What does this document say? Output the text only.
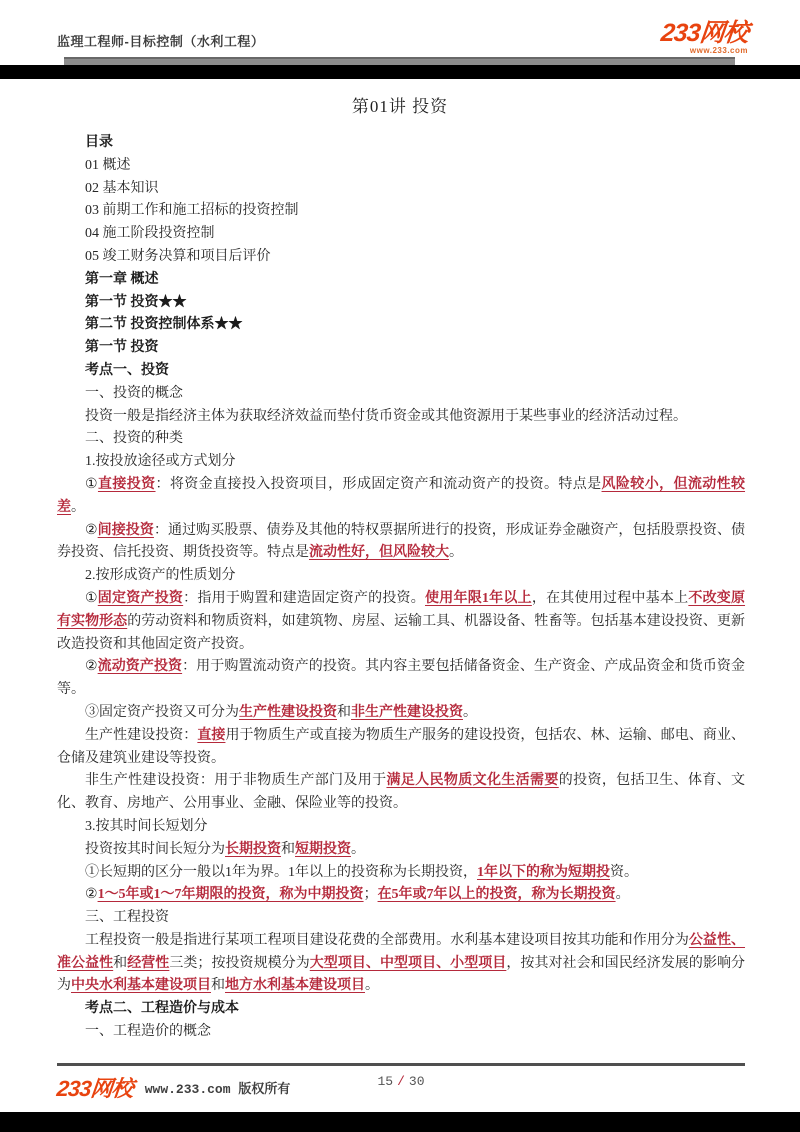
监理工程师-目标控制（水利工程）	233网校
www.233.com
第01讲 投资

目录

01 概述

02 基本知识

03 前期工作和施工招标的投资控制

04 施工阶段投资控制

05 竣工财务决算和项目后评价

第一章 概述

第一节 投资★★

第二节 投资控制体系★★

第一节 投资

考点一、投资

一、投资的概念

投资一般是指经济主体为获取经济效益而垫付货币资金或其他资源用于某些事业的经济活动过程。

二、投资的种类

1.按投放途径或方式划分

①直接投资：将资金直接投入投资项目，形成固定资产和流动资产的投资。特点是风险较小，但流动性较差。

②间接投资：通过购买股票、债券及其他的特权票据所进行的投资，形成证券金融资产，包括股票投资、债券投资、信托投资、期货投资等。特点是流动性好，但风险较大。

2.按形成资产的性质划分

①固定资产投资：指用于购置和建造固定资产的投资。使用年限1年以上，在其使用过程中基本上不改变原有实物形态的劳动资料和物质资料，如建筑物、房屋、运输工具、机器设备、牲畜等。包括基本建设投资、更新改造投资和其他固定资产投资。

②流动资产投资：用于购置流动资产的投资。其内容主要包括储备资金、生产资金、产成品资金和货币资金等。

③固定资产投资又可分为生产性建设投资和非生产性建设投资。

生产性建设投资：直接用于物质生产或直接为物质生产服务的建设投资，包括农、林、运输、邮电、商业、仓储及建筑业建设等投资。

非生产性建设投资：用于非物质生产部门及用于满足人民物质文化生活需要的投资，包括卫生、体育、文化、教育、房地产、公用事业、金融、保险业等的投资。

3.按其时间长短划分

投资按其时间长短分为长期投资和短期投资。

①长短期的区分一般以1年为界。1年以上的投资称为长期投资，1年以下的称为短期投资。

②1～5年或1～7年期限的投资，称为中期投资；在5年或7年以上的投资，称为长期投资。

三、工程投资

工程投资一般是指进行某项工程项目建设花费的全部费用。水利基本建设项目按其功能和作用分为公益性、准公益性和经营性三类；按投资规模分为大型项目、中型项目、小型项目，按其对社会和国民经济发展的影响分为中央水利基本建设项目和地方水利基本建设项目。

考点二、工程造价与成本

一、工程造价的概念

233网校 www.233.com 版权所有
15 / 30
